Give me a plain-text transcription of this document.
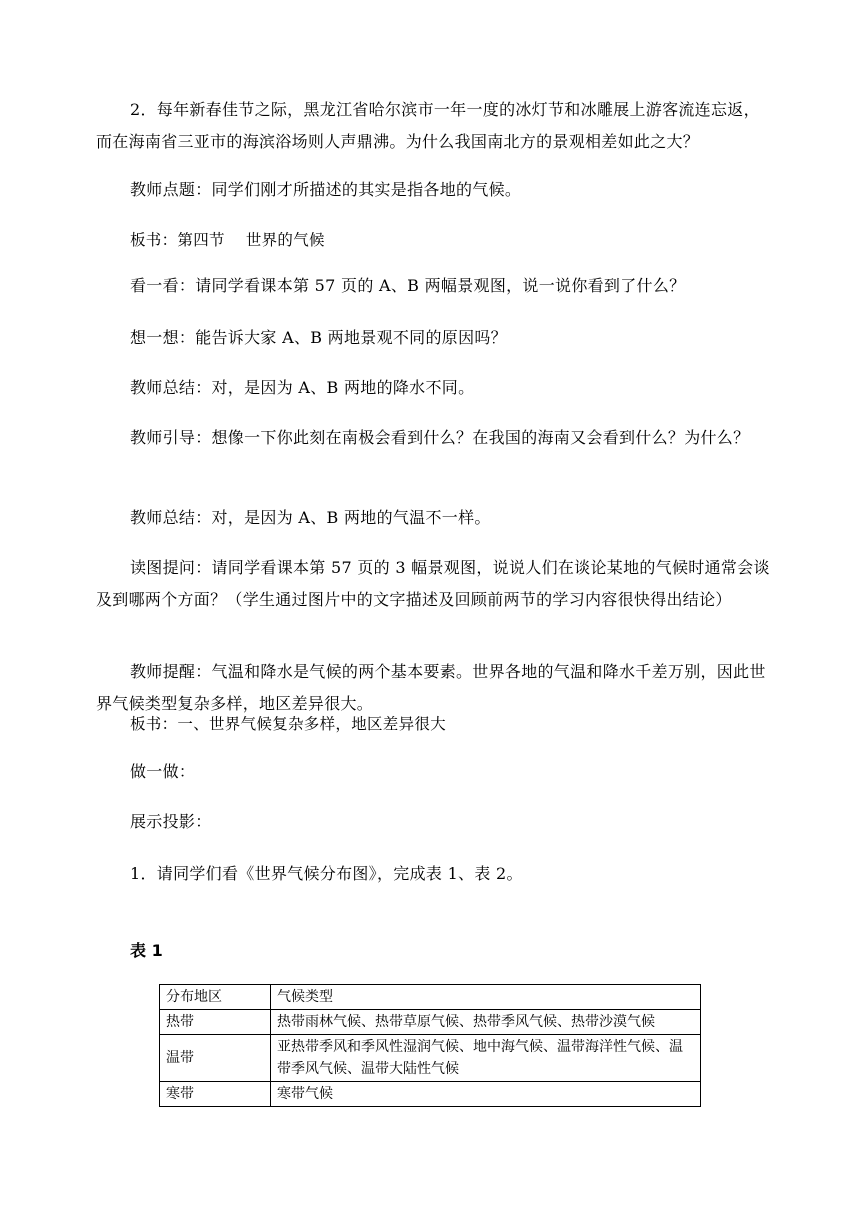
2．每年新春佳节之际，黑龙江省哈尔滨市一年一度的冰灯节和冰雕展上游客流连忘返，而在海南省三亚市的海滨浴场则人声鼎沸。为什么我国南北方的景观相差如此之大？

教师点题：同学们刚才所描述的其实是指各地的气候。

板书：第四节　 世界的气候

看一看：请同学看课本第 57 页的 A、B 两幅景观图，说一说你看到了什么？

想一想：能告诉大家 A、B 两地景观不同的原因吗？

教师总结：对，是因为 A、B 两地的降水不同。

教师引导：想像一下你此刻在南极会看到什么？在我国的海南又会看到什么？为什么？

教师总结：对，是因为 A、B 两地的气温不一样。

读图提问：请同学看课本第 57 页的 3 幅景观图，说说人们在谈论某地的气候时通常会谈及到哪两个方面？（学生通过图片中的文字描述及回顾前两节的学习内容很快得出结论）

教师提醒：气温和降水是气候的两个基本要素。世界各地的气温和降水千差万别，因此世界气候类型复杂多样，地区差异很大。

板书：一、世界气候复杂多样，地区差异很大

做一做：

展示投影：

1．请同学们看《世界气候分布图》，完成表 1、表 2。

表 1

分布地区	气候类型
热带	热带雨林气候、热带草原气候、热带季风气候、热带沙漠气候
温带	亚热带季风和季风性湿润气候、地中海气候、温带海洋性气候、温带季风气候、温带大陆性气候
寒带	寒带气候
